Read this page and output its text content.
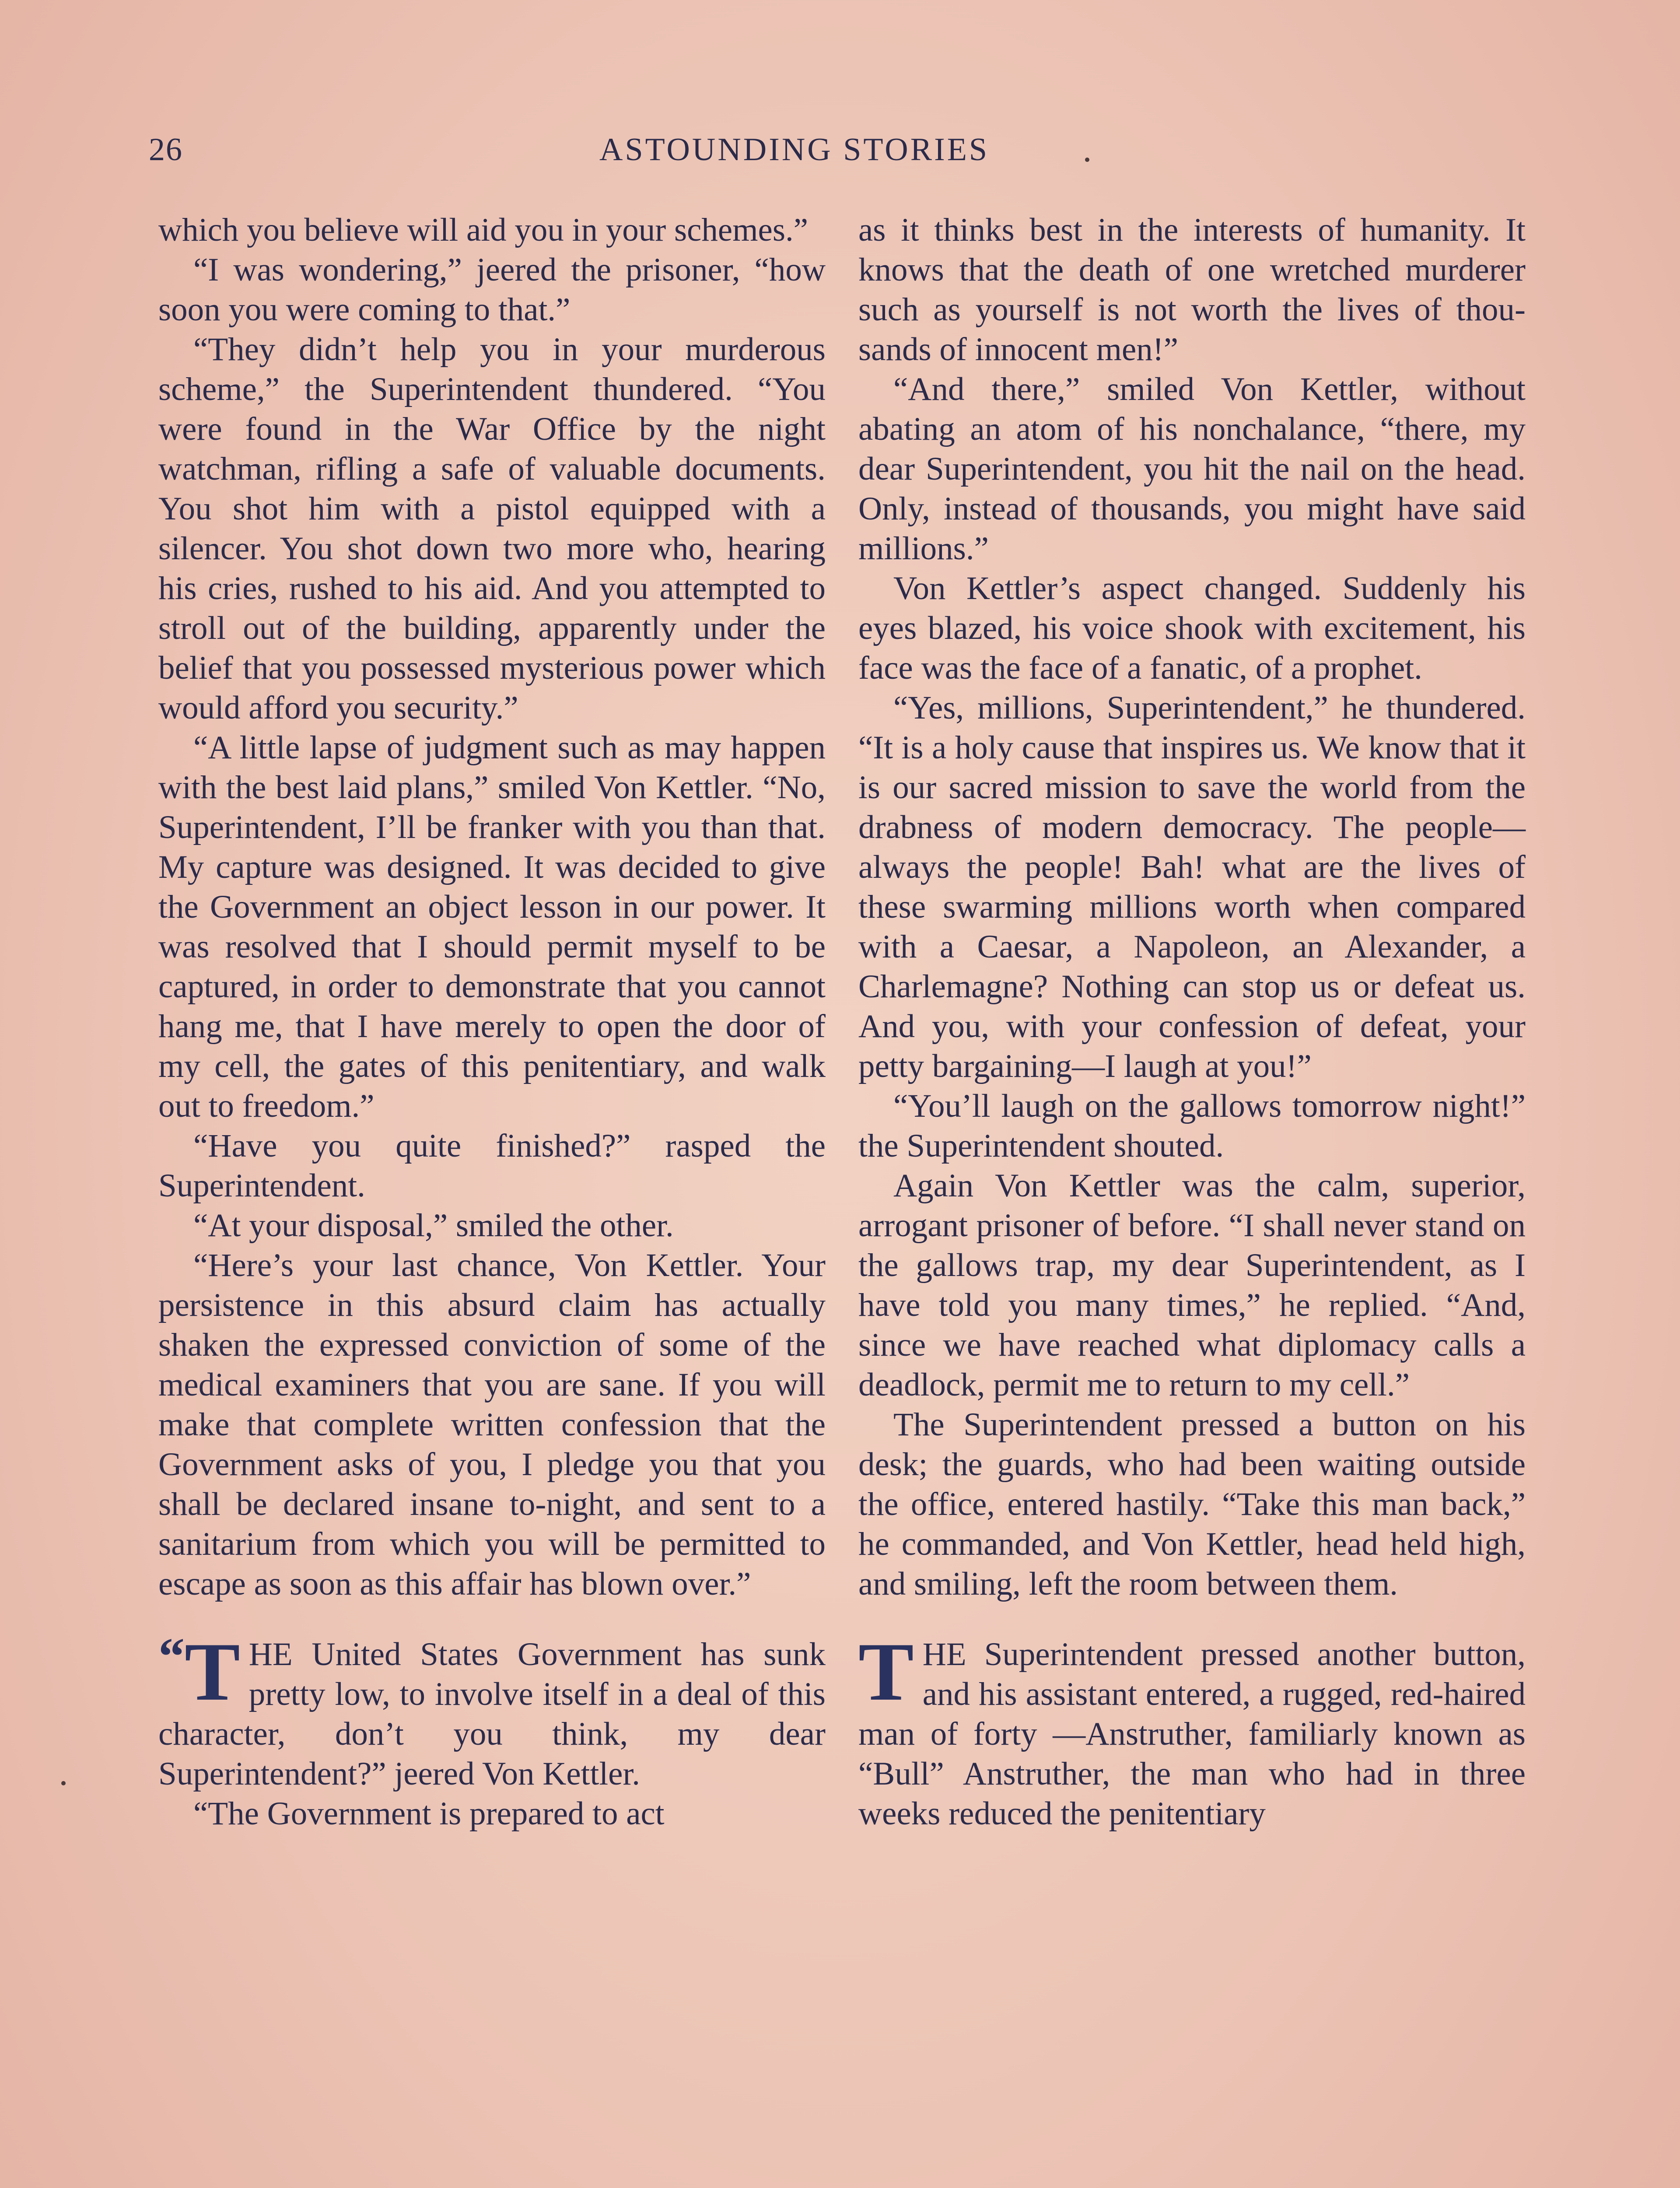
26	ASTOUNDING STORIES

which you believe will aid you in your schemes.”

“I was wondering,” jeered the prisoner, “how soon you were coming to that.”

“They didn’t help you in your murderous scheme,” the Superintendent thundered. “You were found in the War Office by the night watchman, rifling a safe of valuable documents. You shot him with a pistol equipped with a silencer. You shot down two more who, hearing his cries, rushed to his aid. And you attempted to stroll out of the building, apparently under the belief that you possessed mysterious power which would afford you security.”

“A little lapse of judgment such as may happen with the best laid plans,” smiled Von Kettler. “No, Superintendent, I’ll be franker with you than that. My capture was designed. It was decided to give the Government an object lesson in our power. It was resolved that I should permit myself to be captured, in order to demonstrate that you cannot hang me, that I have merely to open the door of my cell, the gates of this penitentiary, and walk out to freedom.”

“Have you quite finished?” rasped the Superintendent.

“At your disposal,” smiled the other.

“Here’s your last chance, Von Kettler. Your persistence in this absurd claim has actually shaken the expressed conviction of some of the medical examiners that you are sane. If you will make that complete written confession that the Government asks of you, I pledge you that you shall be declared insane to-night, and sent to a sanitarium from which you will be permitted to escape as soon as this affair has blown over.”

“ T HE United States Government has sunk pretty low, to involve itself in a deal of this character, don’t you think, my dear Superintendent?” jeered Von Kettler.

“The Government is prepared to act

as it thinks best in the interests of humanity. It knows that the death of one wretched murderer such as yourself is not worth the lives of thousands of innocent men!”

“And there,” smiled Von Kettler, without abating an atom of his nonchalance, “there, my dear Superintendent, you hit the nail on the head. Only, instead of thousands, you might have said millions.”

Von Kettler’s aspect changed. Suddenly his eyes blazed, his voice shook with excitement, his face was the face of a fanatic, of a prophet.

“Yes, millions, Superintendent,” he thundered. “It is a holy cause that inspires us. We know that it is our sacred mission to save the world from the drabness of modern democracy. The people—always the people! Bah! what are the lives of these swarming millions worth when compared with a Caesar, a Napoleon, an Alexander, a Charlemagne? Nothing can stop us or defeat us. And you, with your confession of defeat, your petty bargaining—I laugh at you!”

“You’ll laugh on the gallows tomorrow night!” the Superintendent shouted.

Again Von Kettler was the calm, superior, arrogant prisoner of before. “I shall never stand on the gallows trap, my dear Superintendent, as I have told you many times,” he replied. “And, since we have reached what diplomacy calls a deadlock, permit me to return to my cell.”

The Superintendent pressed a button on his desk; the guards, who had been waiting outside the office, entered hastily. “Take this man back,” he commanded, and Von Kettler, head held high, and smiling, left the room between them.

THE Superintendent pressed another button, and his assistant entered, a rugged, red-haired man of forty —Anstruther, familiarly known as “Bull” Anstruther, the man who had in three weeks reduced the penitentiary
